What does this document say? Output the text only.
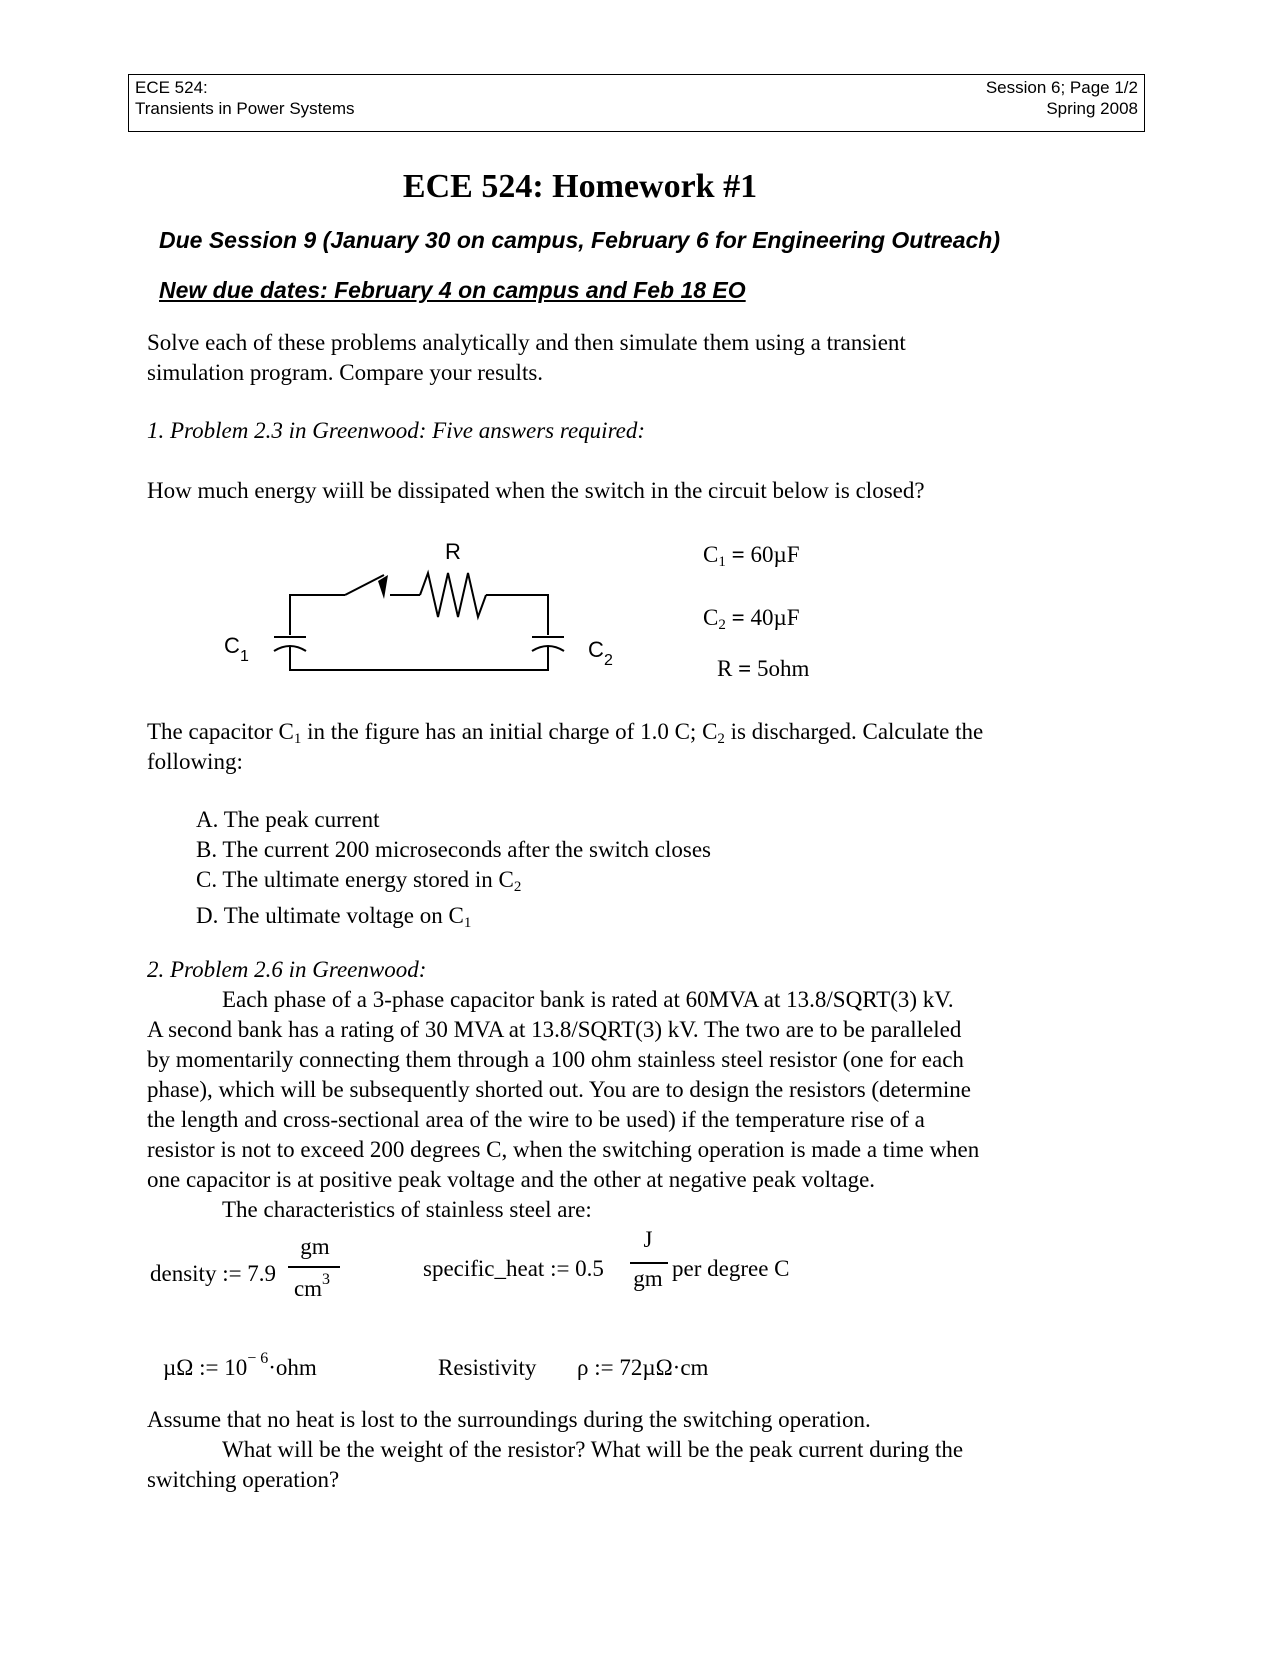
ECE 524:
Transients in Power Systems
Session 6; Page 1/2
Spring 2008
ECE 524: Homework #1
Due Session 9 (January 30 on campus, February 6 for Engineering Outreach)
New due dates: February 4 on campus and Feb 18 EO
Solve each of these problems analytically and then simulate them using a transient
simulation program. Compare your results.
1. Problem 2.3 in Greenwood: Five answers required:
How much energy wiill be dissipated when the switch in the circuit below is closed?
R
C 1	C 2
$C_1 = 60\mu F$
$C_2 = 40\mu F$
R = 5ohm
The capacitor $C_1$ in the figure has an initial charge of 1.0 C; $C_2$ is discharged. Calculate the
following:
A. The peak current
B. The current 200 microseconds after the switch closes
C. The ultimate energy stored in $C_2$
D. The ultimate voltage on $C_1$
2. Problem 2.6 in Greenwood:
Each phase of a 3-phase capacitor bank is rated at 60MVA at 13.8/SQRT(3) kV.
A second bank has a rating of 30 MVA at 13.8/SQRT(3) kV. The two are to be paralleled
by momentarily connecting them through a 100 ohm stainless steel resistor (one for each
phase), which will be subsequently shorted out. You are to design the resistors (determine
the length and cross-sectional area of the wire to be used) if the temperature rise of a
resistor is not to exceed 200 degrees C, when the switching operation is made a time when
one capacitor is at positive peak voltage and the other at negative peak voltage.
The characteristics of stainless steel are:
density := 7.9
gm
$cm^3$	specific_heat := 0.5
J
gm per degree C
µΩ := $10^{- 6}\cdot ohm$	Resistivity ρ := 72µΩ·cm
Assume that no heat is lost to the surroundings during the switching operation.
What will be the weight of the resistor? What will be the peak current during the
switching operation?
